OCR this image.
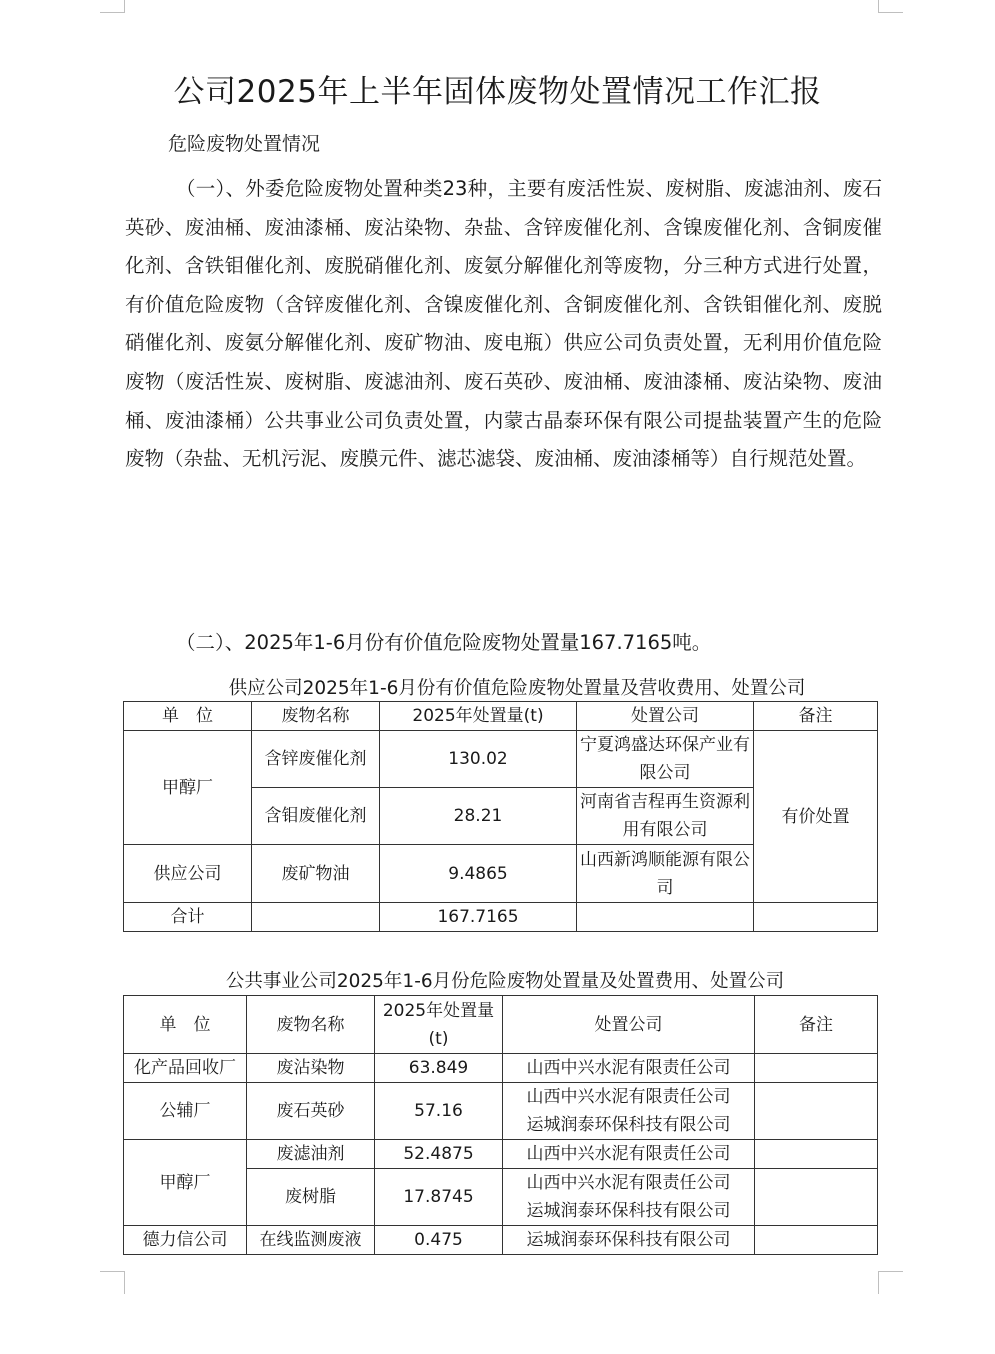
公司2025年上半年固体废物处置情况工作汇报
危险废物处置情况

（一）、外委危险废物处置种类23种，主要有废活性炭、废树脂、废滤油剂、废石英砂、废油桶、废油漆桶、废沾染物、杂盐、含锌废催化剂、含镍废催化剂、含铜废催化剂、含铁钼催化剂、废脱硝催化剂、废氨分解催化剂等废物，分三种方式进行处置，有价值危险废物（含锌废催化剂、含镍废催化剂、含铜废催化剂、含铁钼催化剂、废脱硝催化剂、废氨分解催化剂、废矿物油、废电瓶）供应公司负责处置，无利用价值危险废物（废活性炭、废树脂、废滤油剂、废石英砂、废油桶、废油漆桶、废沾染物、废油桶、废油漆桶）公共事业公司负责处置，内蒙古晶泰环保有限公司提盐装置产生的危险废物（杂盐、无机污泥、废膜元件、滤芯滤袋、废油桶、废油漆桶等）自行规范处置。

（二）、2025年1-6月份有价值危险废物处置量167.7165吨。

供应公司2025年1-6月份有价值危险废物处置量及营收费用、处置公司
单　位	废物名称	2025年处置量(t)	处置公司	备注
甲醇厂	含锌废催化剂	130.02	宁夏鸿盛达环保产业有限公司	有价处置
	含钼废催化剂	28.21	河南省吉程再生资源利用有限公司	
供应公司	废矿物油	9.4865	山西新鸿顺能源有限公司	
合计		167.7165		
公共事业公司2025年1-6月份危险废物处置量及处置费用、处置公司
单　位	废物名称	2025年处置量(t)	处置公司	备注
化产品回收厂	废沾染物	63.849	山西中兴水泥有限责任公司	
公辅厂	废石英砂	57.16	山西中兴水泥有限责任公司
运城润泰环保科技有限公司	

甲醇厂	废滤油剂	52.4875	山西中兴水泥有限责任公司	
	废树脂	17.8745	山西中兴水泥有限责任公司
运城润泰环保科技有限公司	

德力信公司	在线监测废液	0.475	运城润泰环保科技有限公司	
